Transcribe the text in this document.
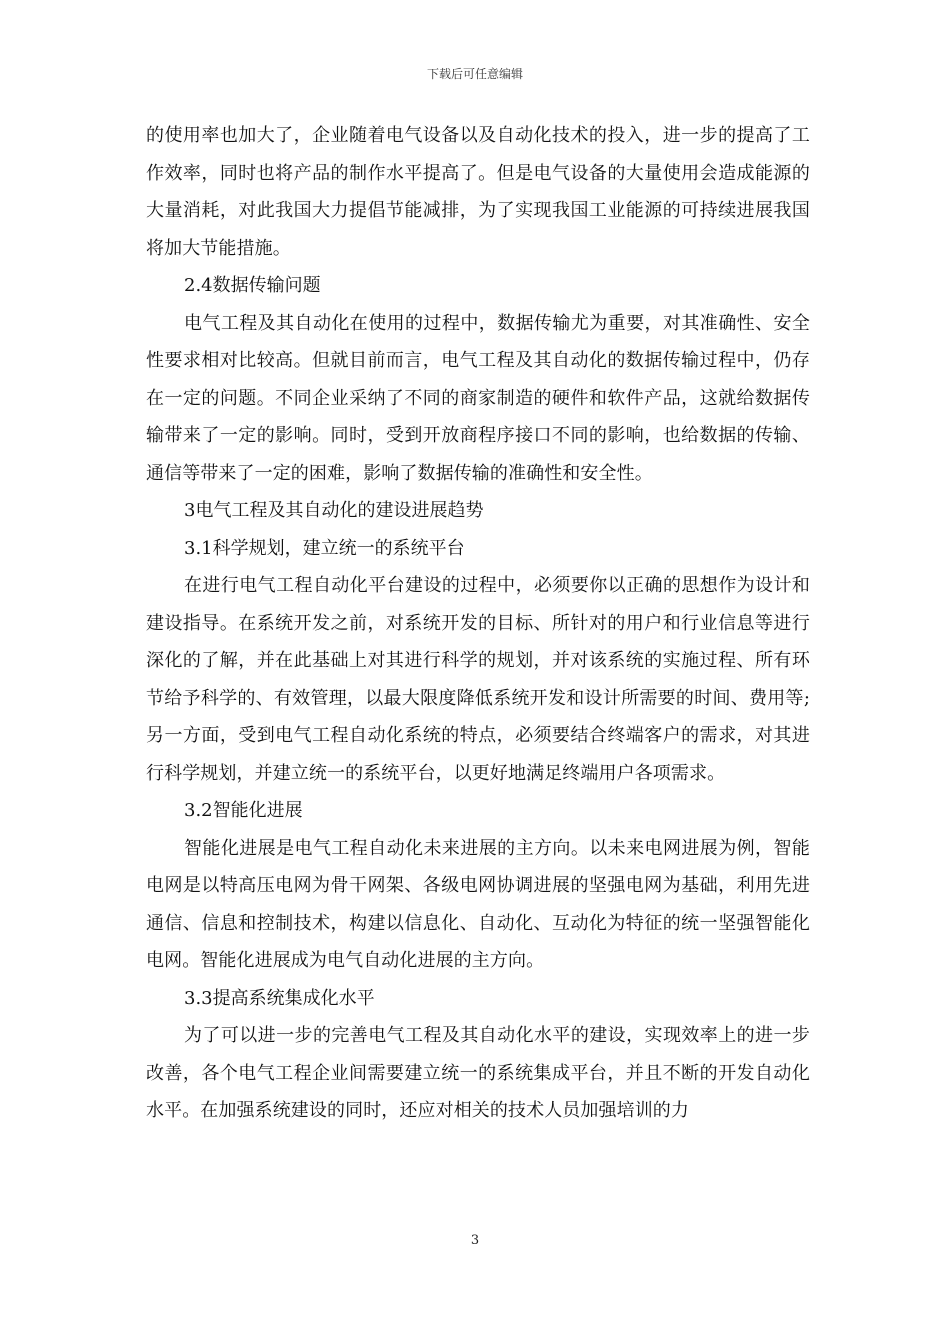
下载后可任意编辑

的使用率也加大了，企业随着电气设备以及自动化技术的投入，进一步的提高了工作效率，同时也将产品的制作水平提高了。但是电气设备的大量使用会造成能源的大量消耗，对此我国大力提倡节能减排，为了实现我国工业能源的可持续进展我国将加大节能措施。

2.4数据传输问题

电气工程及其自动化在使用的过程中，数据传输尤为重要，对其准确性、安全性要求相对比较高。但就目前而言，电气工程及其自动化的数据传输过程中，仍存在一定的问题。不同企业采纳了不同的商家制造的硬件和软件产品，这就给数据传输带来了一定的影响。同时，受到开放商程序接口不同的影响，也给数据的传输、通信等带来了一定的困难，影响了数据传输的准确性和安全性。

3电气工程及其自动化的建设进展趋势

3.1科学规划，建立统一的系统平台

在进行电气工程自动化平台建设的过程中，必须要你以正确的思想作为设计和建设指导。在系统开发之前，对系统开发的目标、所针对的用户和行业信息等进行深化的了解，并在此基础上对其进行科学的规划，并对该系统的实施过程、所有环节给予科学的、有效管理，以最大限度降低系统开发和设计所需要的时间、费用等;另一方面，受到电气工程自动化系统的特点，必须要结合终端客户的需求，对其进行科学规划，并建立统一的系统平台，以更好地满足终端用户各项需求。

3.2智能化进展

智能化进展是电气工程自动化未来进展的主方向。以未来电网进展为例，智能电网是以特高压电网为骨干网架、各级电网协调进展的坚强电网为基础，利用先进通信、信息和控制技术，构建以信息化、自动化、互动化为特征的统一坚强智能化电网。智能化进展成为电气自动化进展的主方向。

3.3提高系统集成化水平

为了可以进一步的完善电气工程及其自动化水平的建设，实现效率上的进一步改善，各个电气工程企业间需要建立统一的系统集成平台，并且不断的开发自动化水平。在加强系统建设的同时，还应对相关的技术人员加强培训的力

3
